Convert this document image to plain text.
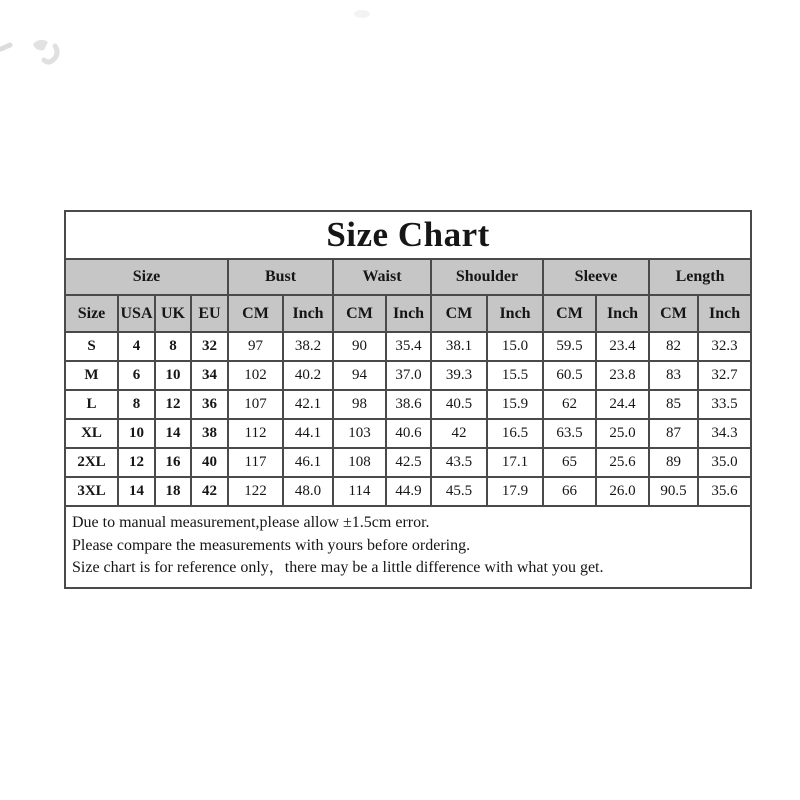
Size Chart													
Size				Bust		Waist		Shoulder		Sleeve		Length	
Size	USA	UK	EU	CM	Inch	CM	Inch	CM	Inch	CM	Inch	CM	Inch
S	4	8	32	97	38.2	90	35.4	38.1	15.0	59.5	23.4	82	32.3
M	6	10	34	102	40.2	94	37.0	39.3	15.5	60.5	23.8	83	32.7
L	8	12	36	107	42.1	98	38.6	40.5	15.9	62	24.4	85	33.5
XL	10	14	38	112	44.1	103	40.6	42	16.5	63.5	25.0	87	34.3
2XL	12	16	40	117	46.1	108	42.5	43.5	17.1	65	25.6	89	35.0
3XL	14	18	42	122	48.0	114	44.9	45.5	17.9	66	26.0	90.5	35.6

Due to manual measurement,please allow ±1.5cm error.
Please compare the measurements with yours before ordering.
Size chart is for reference only，there may be a little difference with what you get.													
